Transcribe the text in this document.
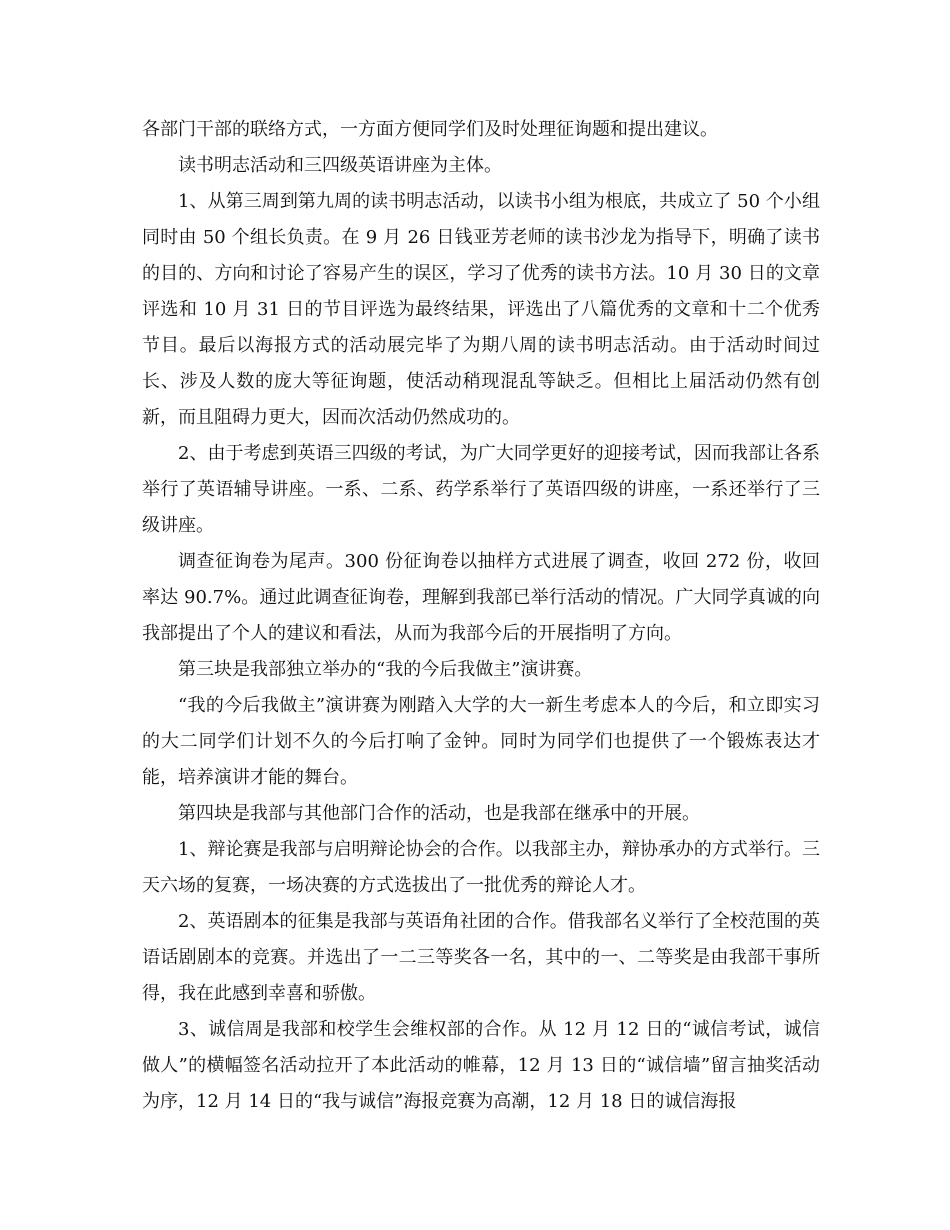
各部门干部的联络方式，一方面方便同学们及时处理征询题和提出建议。

读书明志活动和三四级英语讲座为主体。

1、从第三周到第九周的读书明志活动，以读书小组为根底，共成立了 50 个小组同时由 50 个组长负责。在 9 月 26 日钱亚芳老师的读书沙龙为指导下，明确了读书的目的、方向和讨论了容易产生的误区，学习了优秀的读书方法。10 月 30 日的文章评选和 10 月 31 日的节目评选为最终结果，评选出了八篇优秀的文章和十二个优秀节目。最后以海报方式的活动展完毕了为期八周的读书明志活动。由于活动时间过长、涉及人数的庞大等征询题，使活动稍现混乱等缺乏。但相比上届活动仍然有创新，而且阻碍力更大，因而次活动仍然成功的。

2、由于考虑到英语三四级的考试，为广大同学更好的迎接考试，因而我部让各系举行了英语辅导讲座。一系、二系、药学系举行了英语四级的讲座，一系还举行了三级讲座。

调查征询卷为尾声。300 份征询卷以抽样方式进展了调查，收回 272 份，收回率达 90.7%。通过此调查征询卷，理解到我部已举行活动的情况。广大同学真诚的向我部提出了个人的建议和看法，从而为我部今后的开展指明了方向。

第三块是我部独立举办的“我的今后我做主”演讲赛。

“我的今后我做主”演讲赛为刚踏入大学的大一新生考虑本人的今后，和立即实习的大二同学们计划不久的今后打响了金钟。同时为同学们也提供了一个锻炼表达才能，培养演讲才能的舞台。

第四块是我部与其他部门合作的活动，也是我部在继承中的开展。

1、辩论赛是我部与启明辩论协会的合作。以我部主办，辩协承办的方式举行。三天六场的复赛，一场决赛的方式选拔出了一批优秀的辩论人才。

2、英语剧本的征集是我部与英语角社团的合作。借我部名义举行了全校范围的英语话剧剧本的竞赛。并选出了一二三等奖各一名，其中的一、二等奖是由我部干事所得，我在此感到幸喜和骄傲。

3、诚信周是我部和校学生会维权部的合作。从 12 月 12 日的“诚信考试，诚信做人”的横幅签名活动拉开了本此活动的帷幕，12 月 13 日的“诚信墙”留言抽奖活动为序，12 月 14 日的“我与诚信”海报竞赛为高潮，12 月 18 日的诚信海报
